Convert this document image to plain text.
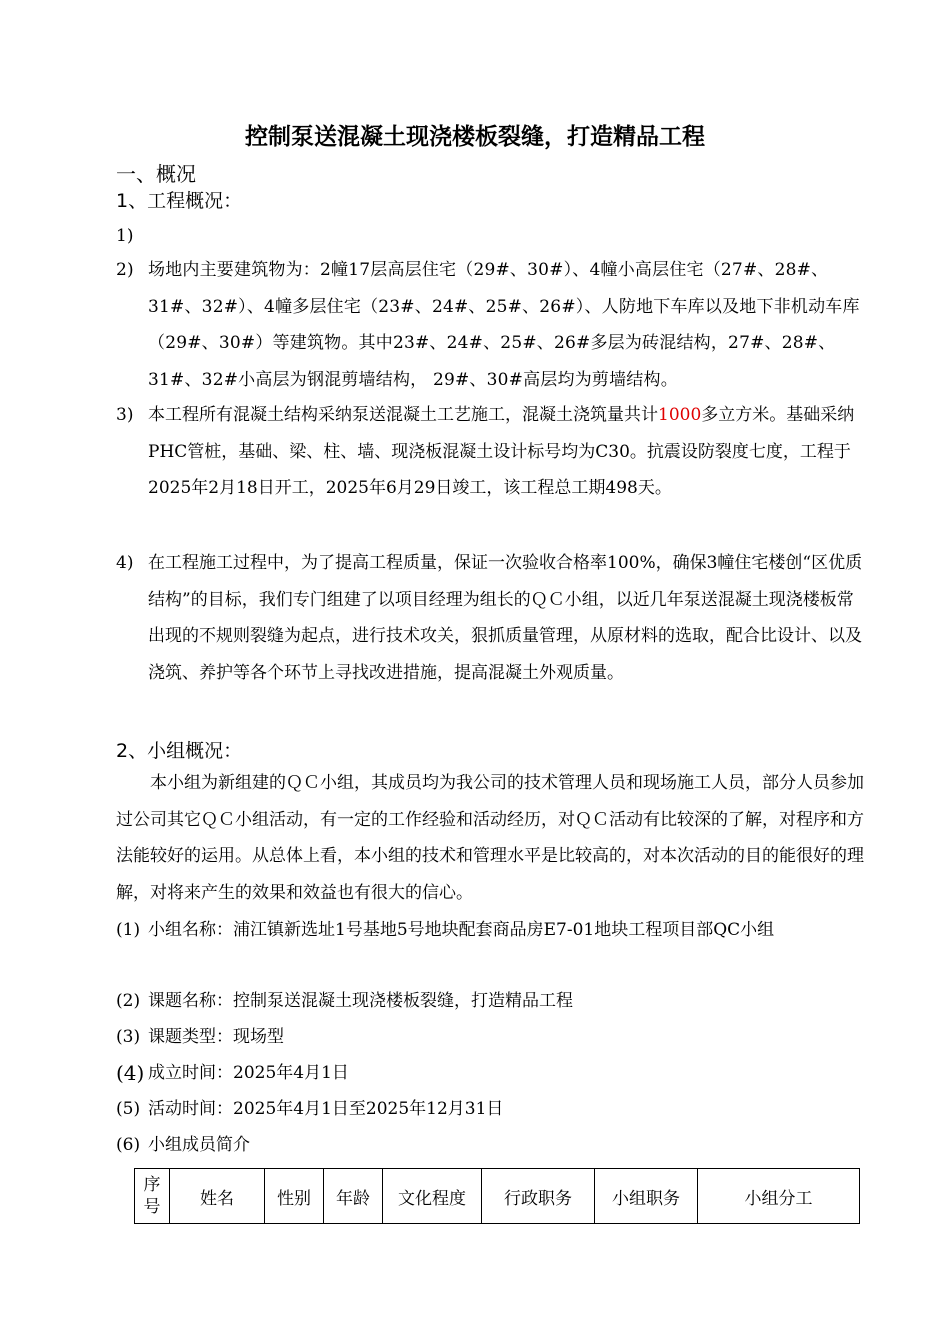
控制泵送混凝土现浇楼板裂缝，打造精品工程
一、概况
1、工程概况：
1)
2) 场地内主要建筑物为：2幢17层高层住宅（29#、30#）、4幢小高层住宅（27#、28#、31#、32#）、4幢多层住宅（23#、24#、25#、26#）、人防地下车库以及地下非机动车库（29#、30#）等建筑物。其中23#、24#、25#、26#多层为砖混结构，27#、28#、31#、32#小高层为钢混剪墙结构， 29#、30#高层均为剪墙结构。
3) 本工程所有混凝土结构采纳泵送混凝土工艺施工，混凝土浇筑量共计1000多立方米。基础采纳PHC管桩，基础、梁、柱、墙、现浇板混凝土设计标号均为C30。抗震设防裂度七度，工程于2025年2月18日开工，2025年6月29日竣工，该工程总工期498天。
4) 在工程施工过程中，为了提高工程质量，保证一次验收合格率100%，确保3幢住宅楼创“区优质结构”的目标，我们专门组建了以项目经理为组长的ＱＣ小组，以近几年泵送混凝土现浇楼板常出现的不规则裂缝为起点，进行技术攻关，狠抓质量管理，从原材料的选取，配合比设计、以及浇筑、养护等各个环节上寻找改进措施，提高混凝土外观质量。
2、小组概况：
本小组为新组建的ＱＣ小组，其成员均为我公司的技术管理人员和现场施工人员，部分人员参加过公司其它ＱＣ小组活动，有一定的工作经验和活动经历，对ＱＣ活动有比较深的了解，对程序和方法能较好的运用。从总体上看，本小组的技术和管理水平是比较高的，对本次活动的目的能很好的理解，对将来产生的效果和效益也有很大的信心。
(1) 小组名称：浦江镇新选址1号基地5号地块配套商品房E7-01地块工程项目部QC小组
(2) 课题名称：控制泵送混凝土现浇楼板裂缝，打造精品工程
(3) 课题类型：现场型
(4) 成立时间：2025年4月1日
(5) 活动时间：2025年4月1日至2025年12月31日
(6) 小组成员简介
序
号	姓名	性别	年龄	文化程度	行政职务	小组职务	小组分工
